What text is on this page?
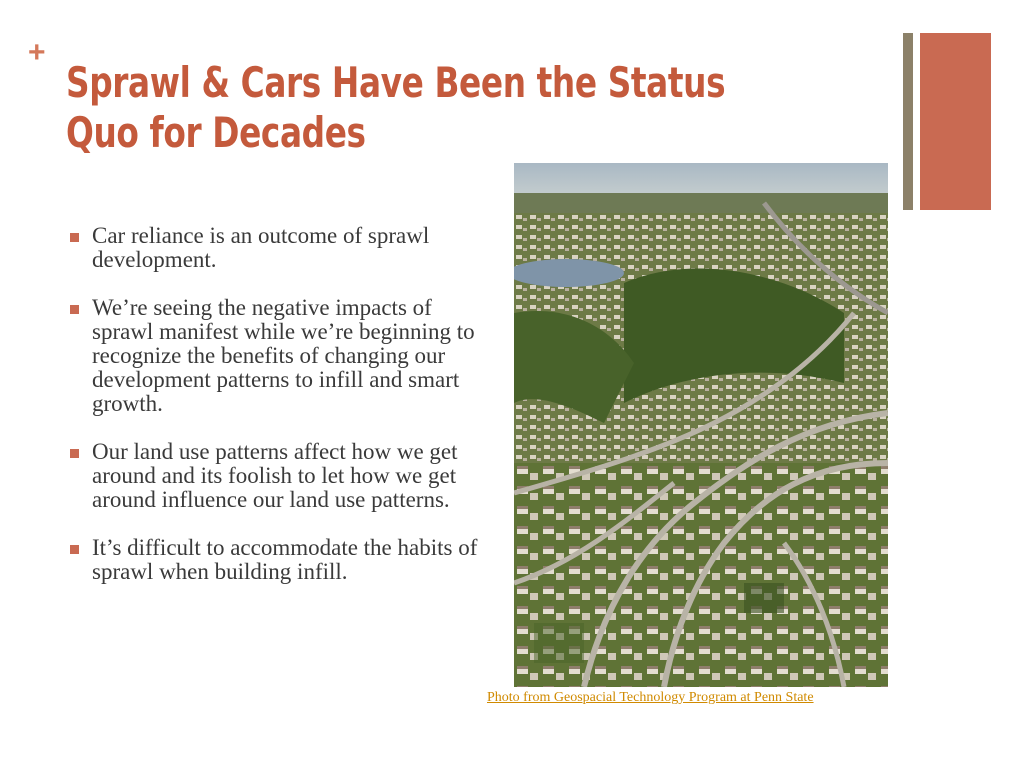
+
Sprawl & Cars Have Been the Status
Quo for Decades
Car reliance is an outcome of sprawl development.
We’re seeing the negative impacts of sprawl manifest while we’re beginning to recognize the benefits of changing our development patterns to infill and smart growth.
Our land use patterns affect how we get around and its foolish to let how we get around influence our land use patterns.
It’s difficult to accommodate the habits of sprawl when building infill.
Photo from Geospacial Technology Program at Penn State
